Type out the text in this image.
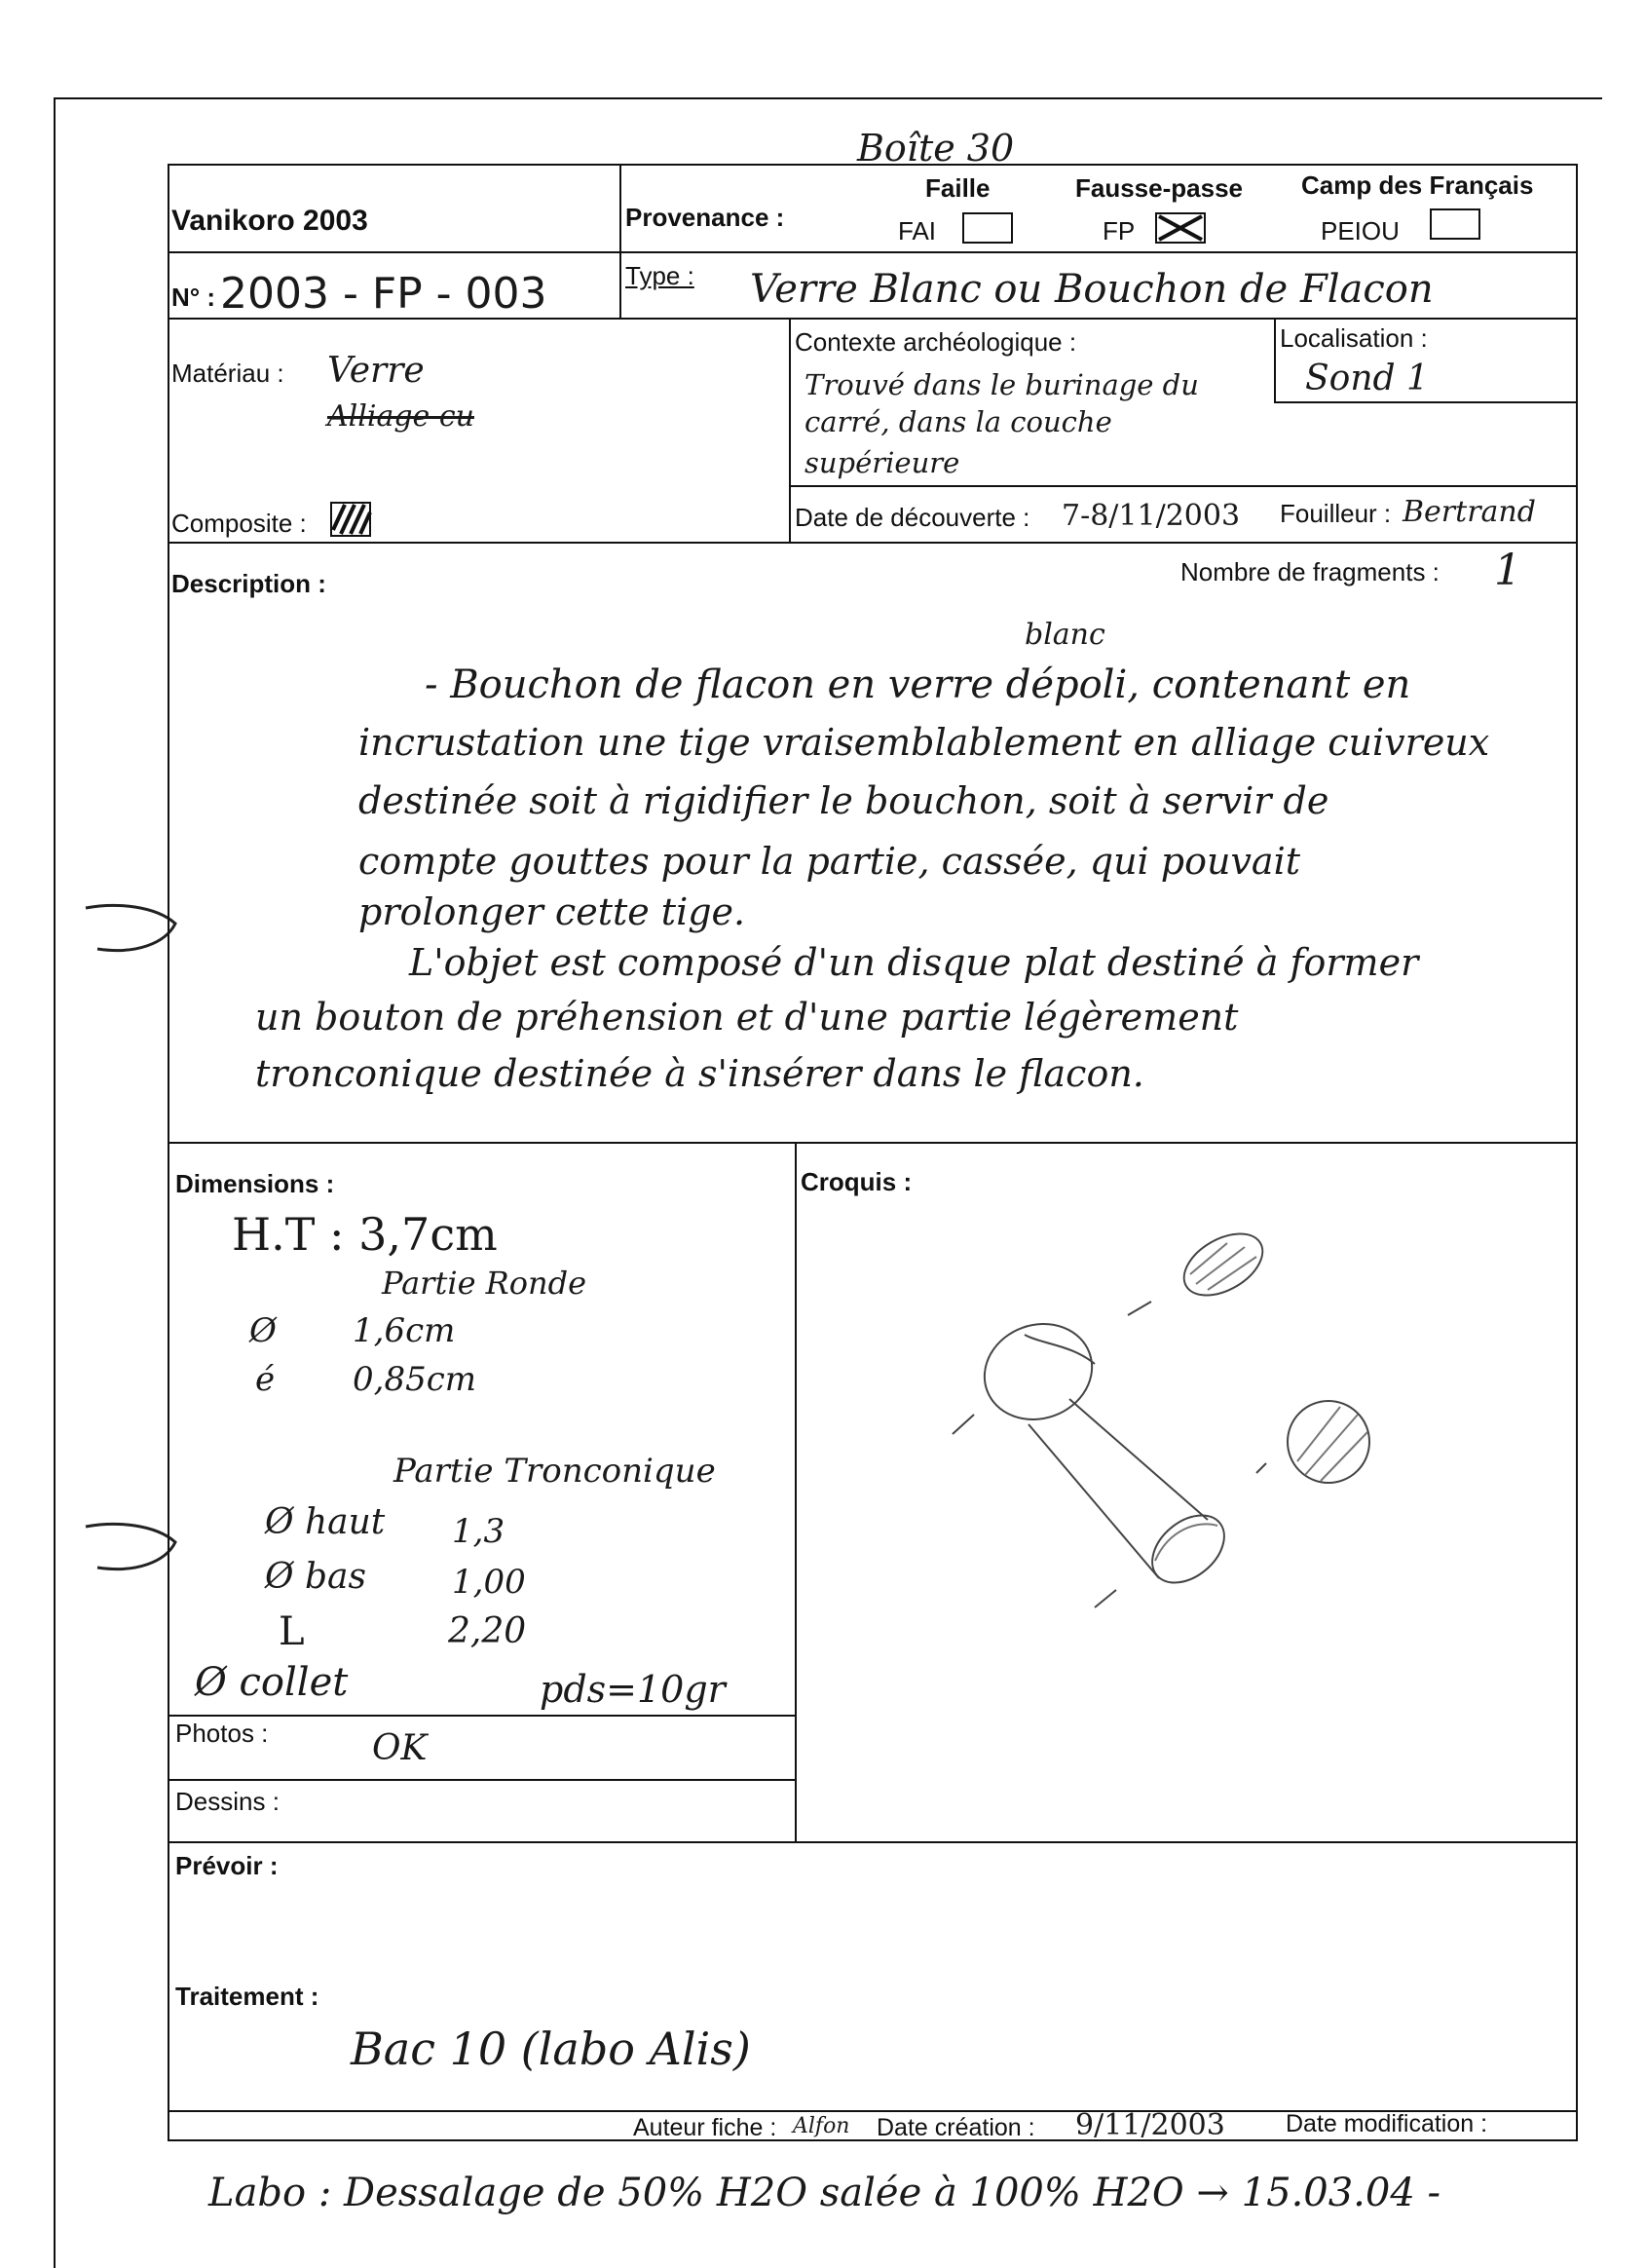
Boîte 30
Vanikoro 2003	Provenance :
Faille
FAI
Fausse-passe
FP
Camp des Français
PEIOU
N° : 2003 - FP - 003	Type : Verre Blanc ou Bouchon de Flacon
Matériau : Verre
Alliage cu
Composite :
Contexte archéologique :
Trouvé dans le burinage du
carré, dans la couche
supérieure
Localisation :
Sond 1
Date de découverte : 7-8/11/2003 Fouilleur : Bertrand
Description :	Nombre de fragments : 1
blanc
- Bouchon de flacon en verre dépoli, contenant en
incrustation une tige vraisemblablement en alliage cuivreux
destinée soit à rigidifier le bouchon, soit à servir de
compte gouttes pour la partie, cassée, qui pouvait
prolonger cette tige.
L'objet est composé d'un disque plat destiné à former
un bouton de préhension et d'une partie légèrement
tronconique destinée à s'insérer dans le flacon.
Dimensions :
H.T : 3,7cm
Partie Ronde
Ø 1,6cm
é 0,85cm
Partie Tronconique
Ø haut 1,3
Ø bas	1,00
L	2,20
Ø collet	pds=10gr
Photos :	OK
Dessins :
Croquis :
Prévoir :
Traitement :
Bac 10 (labo Alis)
Auteur fiche : Alfon Date création : 9/11/2003 Date modification :
Labo : Dessalage de 50% H2O salée à 100% H2O → 15.03.04 -
